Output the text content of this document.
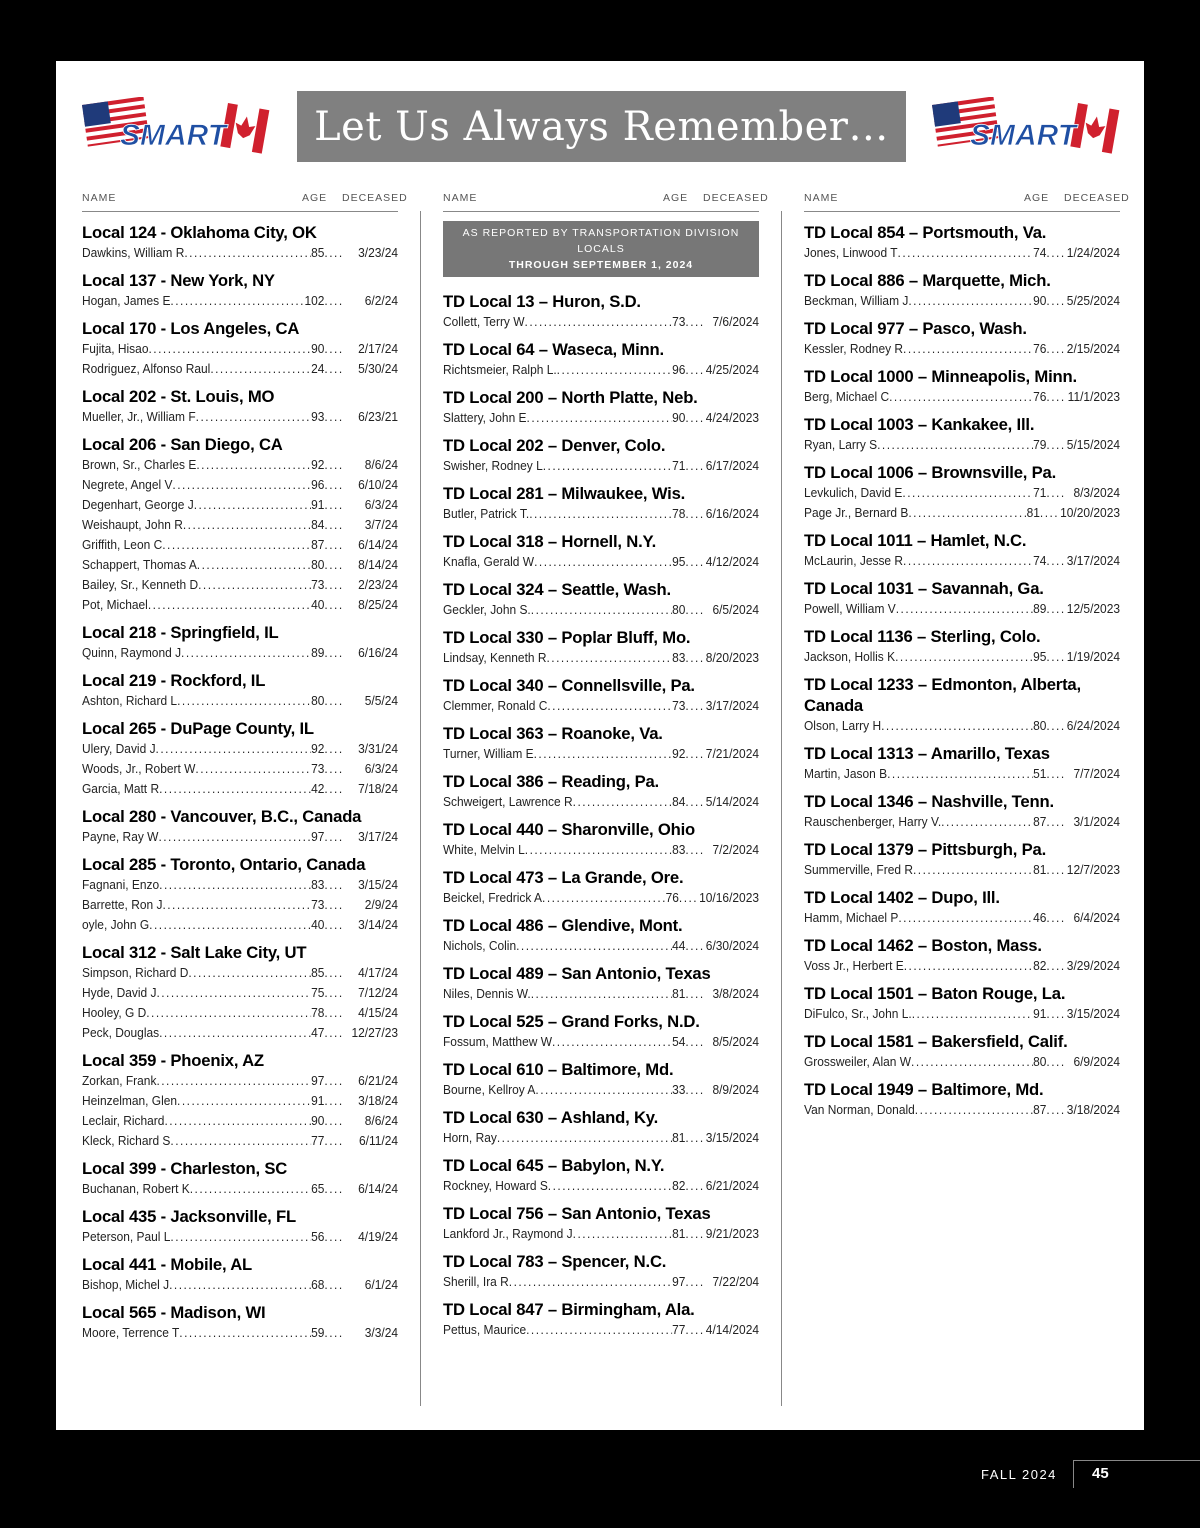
SMART	Let Us Always Remember…	SMART
NAME	AGE	DECEASED
Local 124 - Oklahoma City, OK
Dawkins, William R . . .	85 . . .	3/23/24
Local 137 - New York, NY
Hogan, James E . . .	102 . . .	6/2/24
Local 170 - Los Angeles, CA
Fujita, Hisao . . .	90 . . .	2/17/24
Rodriguez, Alfonso Raul . . .	24 . . .	5/30/24
Local 202 - St. Louis, MO
Mueller, Jr., William F . . .	93 . . .	6/23/21
Local 206 - San Diego, CA
Brown, Sr., Charles E . . .	92 . . .	8/6/24
Negrete, Angel V . . .	96 . . .	6/10/24
Degenhart, George J . . .	91 . . .	6/3/24
Weishaupt, John R . . .	84 . . .	3/7/24
Griffith, Leon C . . .	87 . . .	6/14/24
Schappert, Thomas A . . .	80 . . .	8/14/24
Bailey, Sr., Kenneth D . . .	73 . . .	2/23/24
Pot, Michael . . .	40 . . .	8/25/24
Local 218 - Springfield, IL
Quinn, Raymond J . . .	89 . . .	6/16/24
Local 219 - Rockford, IL
Ashton, Richard L . . .	80 . . .	5/5/24
Local 265 - DuPage County, IL
Ulery, David J . . .	92 . . .	3/31/24
Woods, Jr., Robert W . . .	73 . . .	6/3/24
Garcia, Matt R . . .	42 . . .	7/18/24
Local 280 - Vancouver, B.C., Canada
Payne, Ray W . . .	97 . . .	3/17/24
Local 285 - Toronto, Ontario, Canada
Fagnani, Enzo . . .	83 . . .	3/15/24
Barrette, Ron J . . .	73 . . .	2/9/24
oyle, John G . . .	40 . . .	3/14/24
Local 312 - Salt Lake City, UT
Simpson, Richard D . . .	85 . . .	4/17/24
Hyde, David J . . .	75 . . .	7/12/24
Hooley, G D . . .	78 . . .	4/15/24
Peck, Douglas . . .	47 . . .	12/27/23
Local 359 - Phoenix, AZ
Zorkan, Frank . . .	97 . . .	6/21/24
Heinzelman, Glen . . .	91 . . .	3/18/24
Leclair, Richard . . .	90 . . .	8/6/24
Kleck, Richard S . . .	77 . . .	6/11/24
Local 399 - Charleston, SC
Buchanan, Robert K . . .	65 . . .	6/14/24
Local 435 - Jacksonville, FL
Peterson, Paul L . . .	56 . . .	4/19/24
Local 441 - Mobile, AL
Bishop, Michel J . . .	68 . . .	6/1/24
Local 565 - Madison, WI
Moore, Terrence T . . .	59 . . .	3/3/24
NAME	AGE	DECEASED
AS REPORTED BY TRANSPORTATION DIVISION LOCALS
THROUGH SEPTEMBER 1, 2024
TD Local 13 – Huron, S.D.
Collett, Terry W . . .	73 . . .	7/6/2024
TD Local 64 – Waseca, Minn.
Richtsmeier, Ralph L. . . .	96 . . . 4/25/2024
TD Local 200 – North Platte, Neb.
Slattery, John E . . .	90 . . . 4/24/2023
TD Local 202 – Denver, Colo.
Swisher, Rodney L . . .	71 . . . 6/17/2024
TD Local 281 – Milwaukee, Wis.
Butler, Patrick T. . . .	78 . . . 6/16/2024
TD Local 318 – Hornell, N.Y.
Knafla, Gerald W . . .	95 . . . 4/12/2024
TD Local 324 – Seattle, Wash.
Geckler, John S. . . .	80 . . .	6/5/2024
TD Local 330 – Poplar Bluff, Mo.
Lindsay, Kenneth R . . .	83 . . . 8/20/2023
TD Local 340 – Connellsville, Pa.
Clemmer, Ronald C . . .	73 . . . 3/17/2024
TD Local 363 – Roanoke, Va.
Turner, William E . . .	92 . . . 7/21/2024
TD Local 386 – Reading, Pa.
Schweigert, Lawrence R . . .	84 . . . 5/14/2024
TD Local 440 – Sharonville, Ohio
White, Melvin L . . .	83 . . .	7/2/2024
TD Local 473 – La Grande, Ore.
Beickel, Fredrick A . . .	76 . . . 10/16/2023
TD Local 486 – Glendive, Mont.
Nichols, Colin . . .	44 . . . 6/30/2024
TD Local 489 – San Antonio, Texas
Niles, Dennis W. . . .	81 . . .	3/8/2024
TD Local 525 – Grand Forks, N.D.
Fossum, Matthew W . . .	54 . . .	8/5/2024
TD Local 610 – Baltimore, Md.
Bourne, Kellroy A . . .	33 . . .	8/9/2024
TD Local 630 – Ashland, Ky.
Horn, Ray . . .	81 . . . 3/15/2024
TD Local 645 – Babylon, N.Y.
Rockney, Howard S . . .	82 . . . 6/21/2024
TD Local 756 – San Antonio, Texas
Lankford Jr., Raymond J . . .	81 . . . 9/21/2023
TD Local 783 – Spencer, N.C.
Sherill, Ira R . . .	97 . . .	7/22/204
TD Local 847 – Birmingham, Ala.
Pettus, Maurice . . .	77 . . . 4/14/2024
NAME	AGE	DECEASED
TD Local 854 – Portsmouth, Va.
Jones, Linwood T . . .	74 . . . 1/24/2024
TD Local 886 – Marquette, Mich.
Beckman, William J . . .	90 . . . 5/25/2024
TD Local 977 – Pasco, Wash.
Kessler, Rodney R . . .	76 . . . 2/15/2024
TD Local 1000 – Minneapolis, Minn.
Berg, Michael C . . .	76 . . . 11/1/2023
TD Local 1003 – Kankakee, Ill.
Ryan, Larry S . . .	79 . . . 5/15/2024
TD Local 1006 – Brownsville, Pa.
Levkulich, David E . . .	71 . . .	8/3/2024
Page Jr., Bernard B . . .	81 . . . 10/20/2023
TD Local 1011 – Hamlet, N.C.
McLaurin, Jesse R . . .	74 . . . 3/17/2024
TD Local 1031 – Savannah, Ga.
Powell, William V . . .	89 . . . 12/5/2023
TD Local 1136 – Sterling, Colo.
Jackson, Hollis K . . .	95 . . . 1/19/2024
TD Local 1233 – Edmonton, Alberta, Canada
Olson, Larry H . . .	80 . . . 6/24/2024
TD Local 1313 – Amarillo, Texas
Martin, Jason B . . .	51 . . .	7/7/2024
TD Local 1346 – Nashville, Tenn.
Rauschenberger, Harry V. . . .	87 . . .	3/1/2024
TD Local 1379 – Pittsburgh, Pa.
Summerville, Fred R . . .	81 . . . 12/7/2023
TD Local 1402 – Dupo, Ill.
Hamm, Michael P . . .	46 . . .	6/4/2024
TD Local 1462 – Boston, Mass.
Voss Jr., Herbert E . . .	82 . . . 3/29/2024
TD Local 1501 – Baton Rouge, La.
DiFulco, Sr., John L. . . .	91 . . . 3/15/2024
TD Local 1581 – Bakersfield, Calif.
Grossweiler, Alan W . . .	80 . . .	6/9/2024
TD Local 1949 – Baltimore, Md.
Van Norman, Donald . . .	87 . . . 3/18/2024
FALL 2024 45
